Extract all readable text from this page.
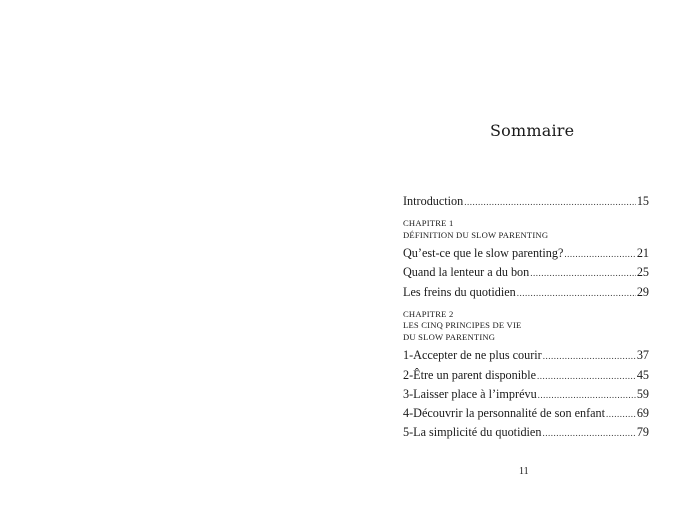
Sommaire
Introduction .....	15
CHAPITRE 1
DÉFINITION DU SLOW PARENTING
Qu’est-ce que le slow parenting? .....	21
Quand la lenteur a du bon .....	25
Les freins du quotidien .....	29
CHAPITRE 2
LES CINQ PRINCIPES DE VIE
DU SLOW PARENTING
1-Accepter de ne plus courir .....	37
2-Être un parent disponible .....	45
3-Laisser place à l’imprévu .....	59
4-Découvrir la personnalité de son enfant .....	69
5-La simplicité du quotidien .....	79
11
